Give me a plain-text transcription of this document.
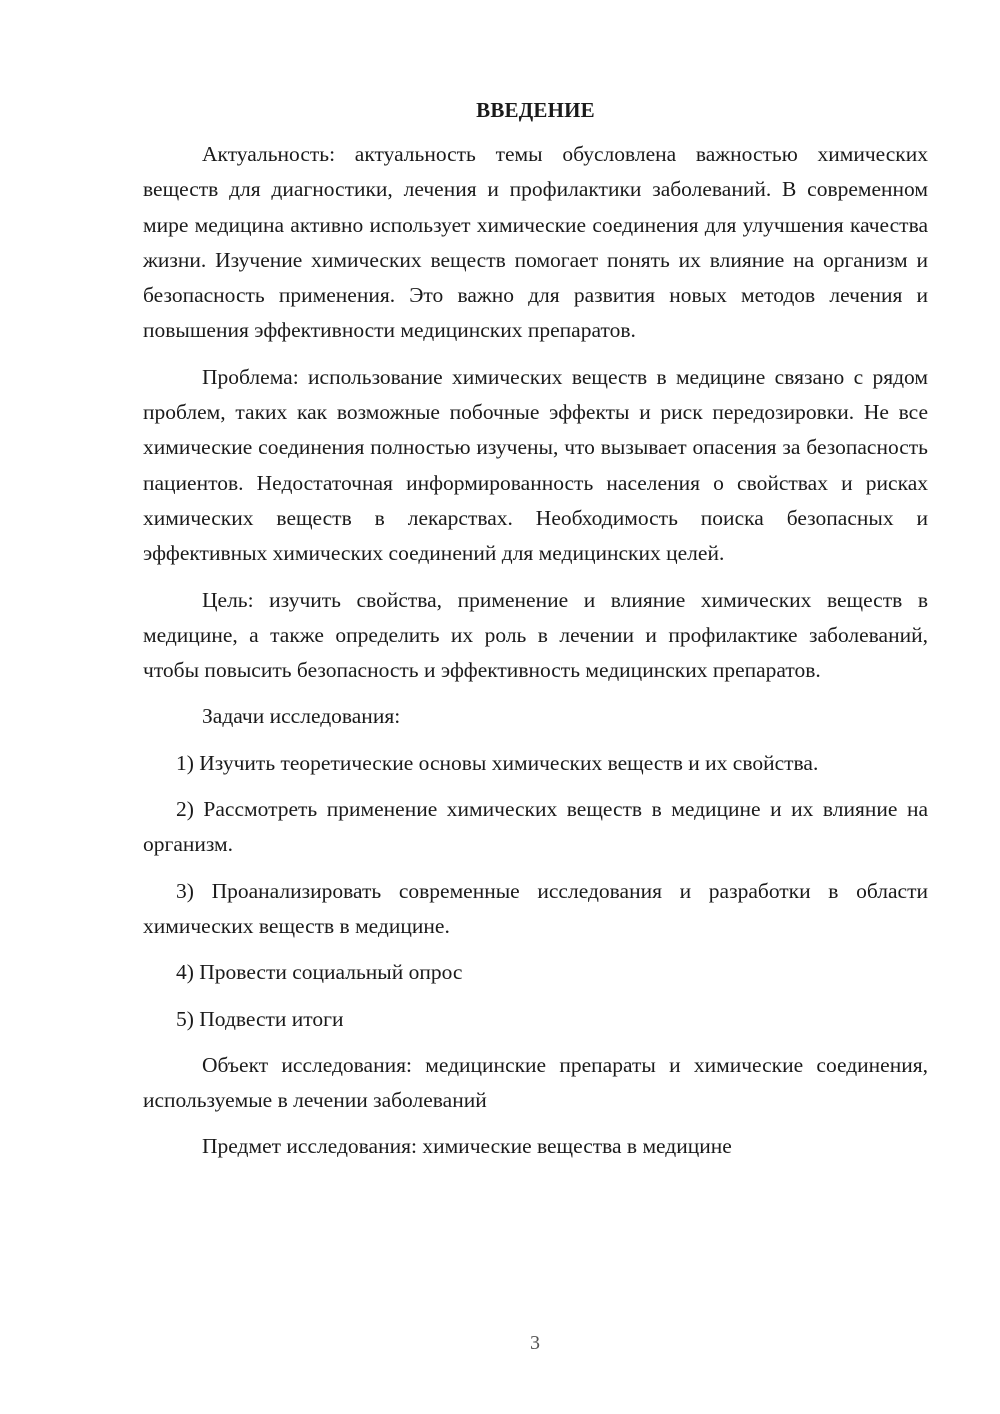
ВВЕДЕНИЕ

Актуальность: актуальность темы обусловлена важностью химических веществ для диагностики, лечения и профилактики заболеваний. В современном мире медицина активно использует химические соединения для улучшения качества жизни. Изучение химических веществ помогает понять их влияние на организм и безопасность применения. Это важно для развития новых методов лечения и повышения эффективности медицинских препаратов.

Проблема: использование химических веществ в медицине связано с рядом проблем, таких как возможные побочные эффекты и риск передозировки. Не все химические соединения полностью изучены, что вызывает опасения за безопасность пациентов. Недостаточная информированность населения о свойствах и рисках химических веществ в лекарствах. Необходимость поиска безопасных и эффективных химических соединений для медицинских целей.

Цель: изучить свойства, применение и влияние химических веществ в медицине, а также определить их роль в лечении и профилактике заболеваний, чтобы повысить безопасность и эффективность медицинских препаратов.

Задачи исследования:

1) Изучить теоретические основы химических веществ и их свойства.

2) Рассмотреть применение химических веществ в медицине и их влияние на организм.

3) Проанализировать современные исследования и разработки в области химических веществ в медицине.

4) Провести социальный опрос

5) Подвести итоги

Объект исследования: медицинские препараты и химические соединения, используемые в лечении заболеваний

Предмет исследования: химические вещества в медицине

3
